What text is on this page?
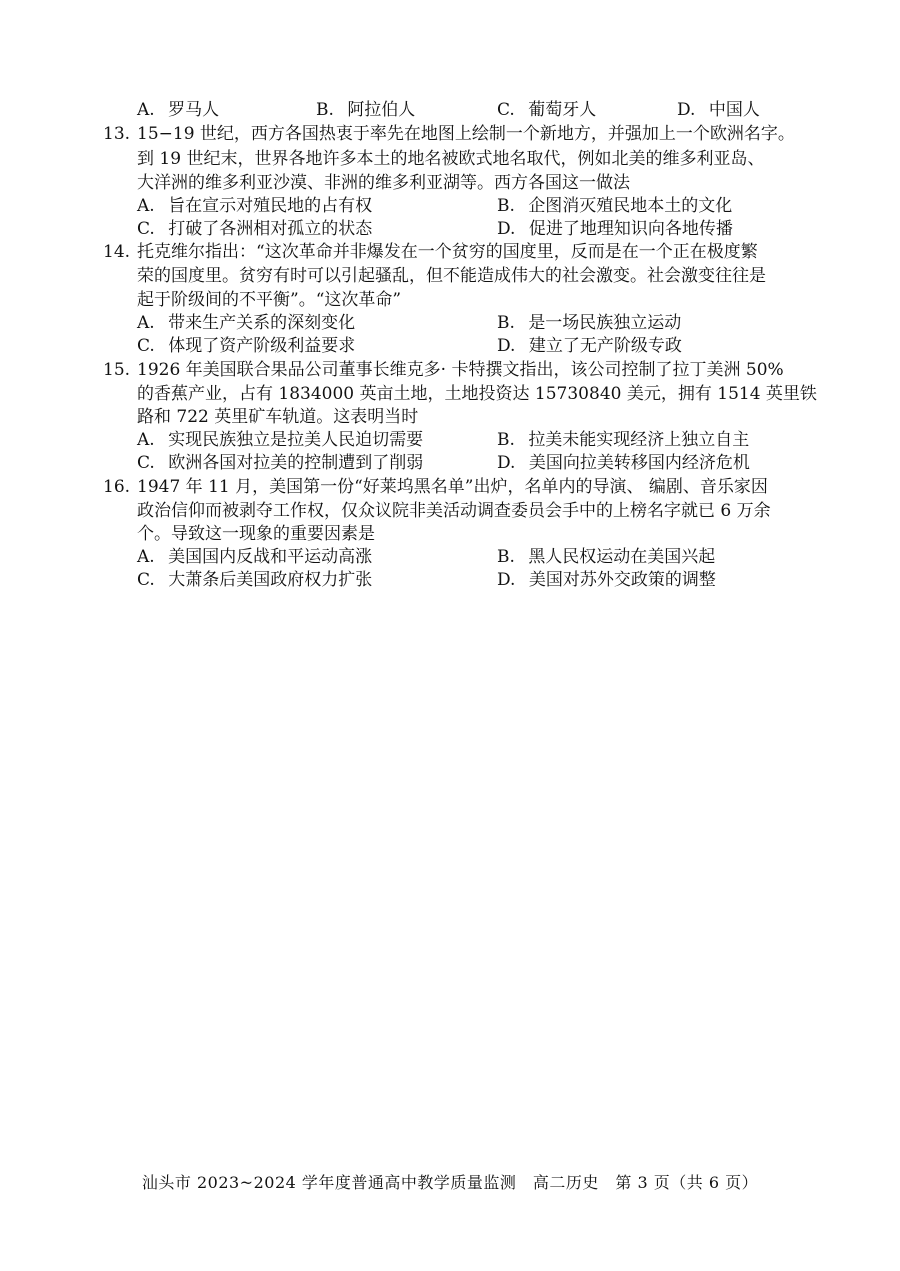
A. 罗马人	B. 阿拉伯人	C. 葡萄牙人	D. 中国人
13. 15−19 世纪，西方各国热衷于率先在地图上绘制一个新地方，并强加上一个欧洲名字。
到 19 世纪末，世界各地许多本土的地名被欧式地名取代，例如北美的维多利亚岛、
大洋洲的维多利亚沙漠、非洲的维多利亚湖等。西方各国这一做法
A. 旨在宣示对殖民地的占有权	B. 企图消灭殖民地本土的文化
C. 打破了各洲相对孤立的状态	D. 促进了地理知识向各地传播
14. 托克维尔指出：“这次革命并非爆发在一个贫穷的国度里，反而是在一个正在极度繁
荣的国度里。贫穷有时可以引起骚乱，但不能造成伟大的社会激变。社会激变往往是
起于阶级间的不平衡”。“这次革命”
A. 带来生产关系的深刻变化	B. 是一场民族独立运动
C. 体现了资产阶级利益要求	D. 建立了无产阶级专政
15. 1926 年美国联合果品公司董事长维克多· 卡特撰文指出，该公司控制了拉丁美洲 50%
的香蕉产业，占有 1834000 英亩土地，土地投资达 15730840 美元，拥有 1514 英里铁
路和 722 英里矿车轨道。这表明当时
A. 实现民族独立是拉美人民迫切需要	B. 拉美未能实现经济上独立自主
C. 欧洲各国对拉美的控制遭到了削弱	D. 美国向拉美转移国内经济危机
16. 1947 年 11 月，美国第一份“好莱坞黑名单”出炉，名单内的导演、 编剧、音乐家因
政治信仰而被剥夺工作权，仅众议院非美活动调查委员会手中的上榜名字就已 6 万余
个。导致这一现象的重要因素是
A. 美国国内反战和平运动高涨	B. 黑人民权运动在美国兴起
C. 大萧条后美国政府权力扩张	D. 美国对苏外交政策的调整
汕头市 2023~2024 学年度普通高中教学质量监测　高二历史　第 3 页（共 6 页）
